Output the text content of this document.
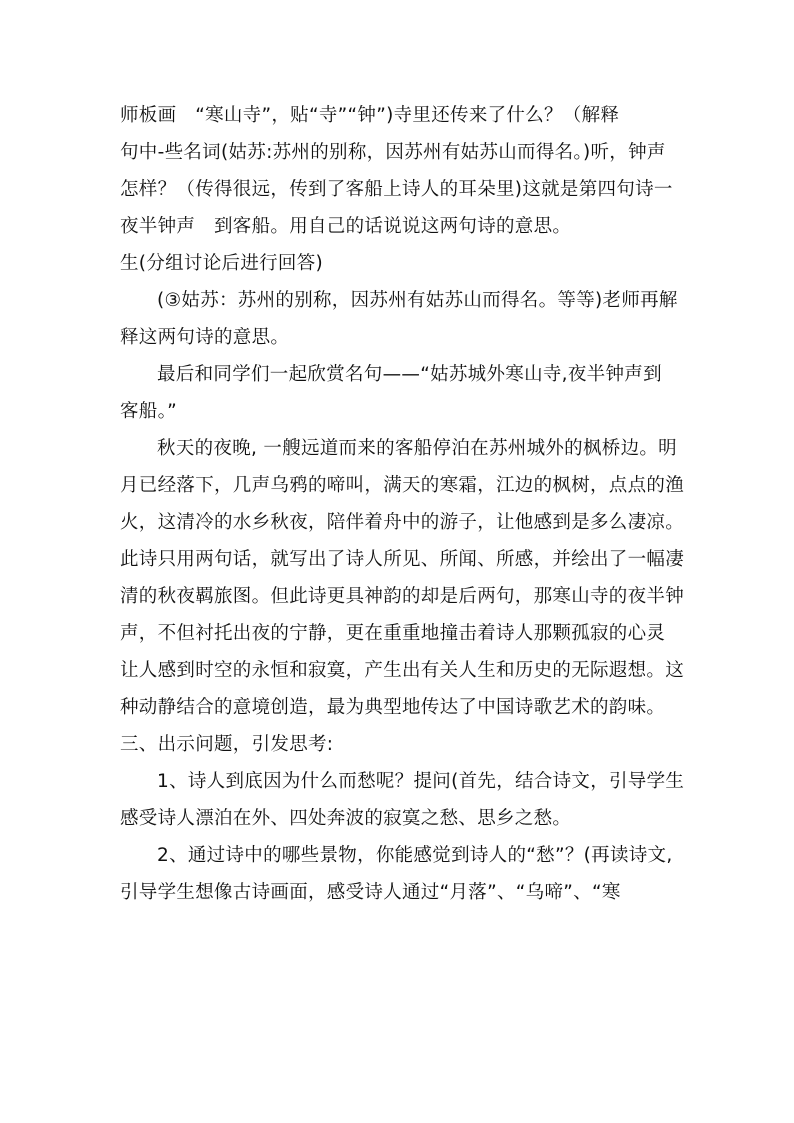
师板画　“寒山寺”，贴“寺”“钟”)寺里还传来了什么？（解释
句中-些名词(姑苏:苏州的别称，因苏州有姑苏山而得名。)听，钟声
怎样？（传得很远，传到了客船上诗人的耳朵里)这就是第四句诗一
夜半钟声　到客船。用自己的话说说这两句诗的意思。
生(分组讨论后进行回答)
(③姑苏：苏州的别称，因苏州有姑苏山而得名。等等)老师再解
释这两句诗的意思。
最后和同学们一起欣赏名句——“姑苏城外寒山寺,夜半钟声到
客船。”
秋天的夜晚, 一艘远道而来的客船停泊在苏州城外的枫桥边。明
月已经落下，几声乌鸦的啼叫，满天的寒霜，江边的枫树，点点的渔
火，这清冷的水乡秋夜，陪伴着舟中的游子，让他感到是多么凄凉。
此诗只用两句话，就写出了诗人所见、所闻、所感，并绘出了一幅凄
清的秋夜羁旅图。但此诗更具神韵的却是后两句，那寒山寺的夜半钟
声，不但衬托出夜的宁静，更在重重地撞击着诗人那颗孤寂的心灵
让人感到时空的永恒和寂寞，产生出有关人生和历史的无际遐想。这
种动静结合的意境创造，最为典型地传达了中国诗歌艺术的韵味。
三、出示问题，引发思考:
1、诗人到底因为什么而愁呢？提问(首先，结合诗文，引导学生
感受诗人漂泊在外、四处奔波的寂寞之愁、思乡之愁。
2、通过诗中的哪些景物，你能感觉到诗人的“愁”？(再读诗文,
引导学生想像古诗画面，感受诗人通过“月落”、“乌啼”、“寒
